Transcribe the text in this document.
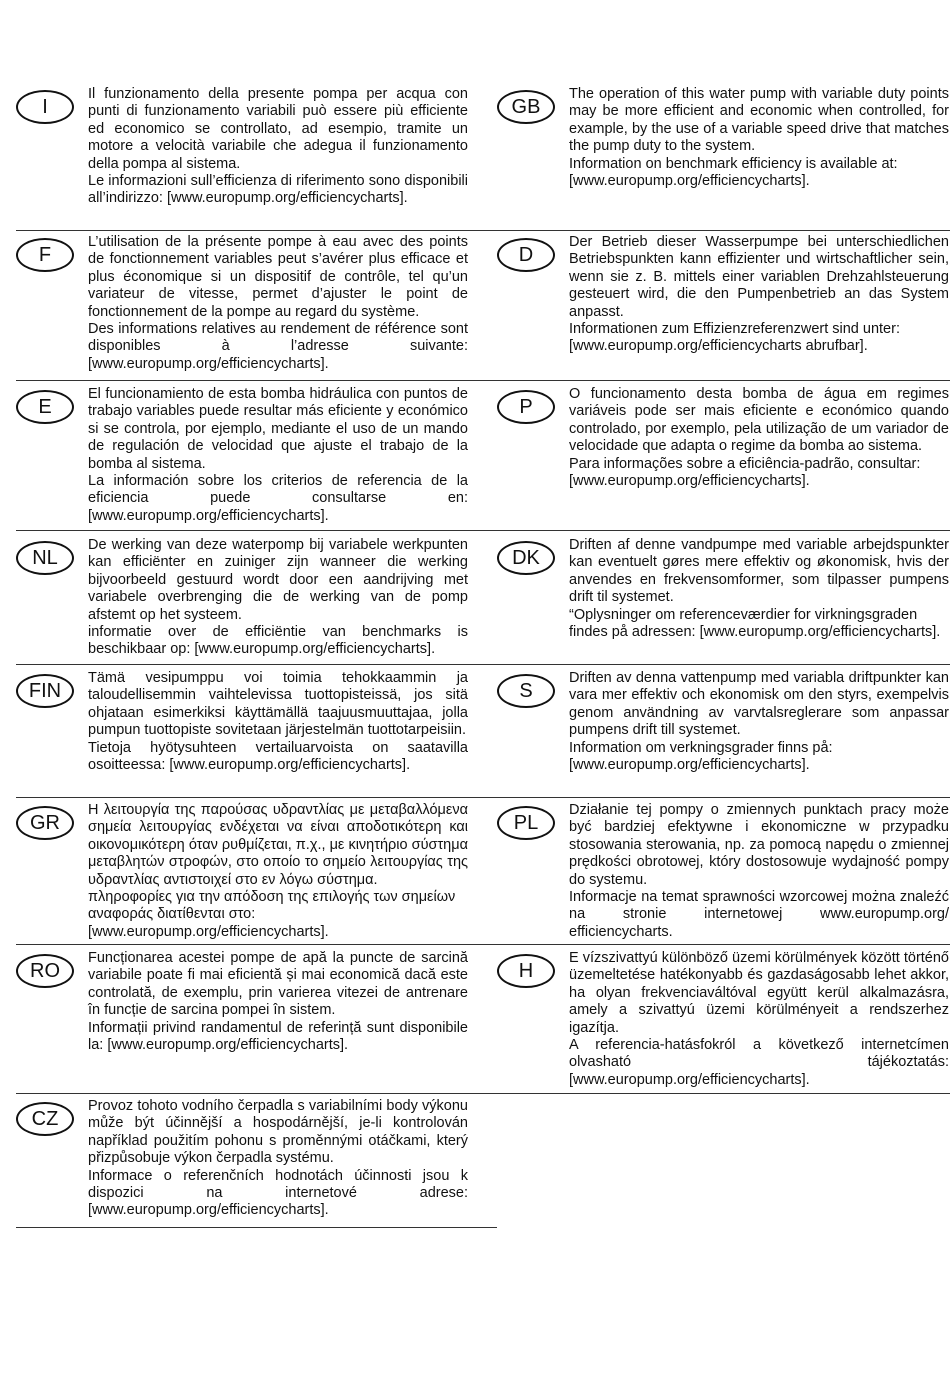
I

Il funzionamento della presente pompa per acqua con punti di funzionamento variabili può essere più efficiente ed economico se controllato, ad esempio, tramite un motore a velocità variabile che adegua il funzionamento della pompa al sistema.

Le informazioni sull’efficienza di riferimento sono disponibili all’indirizzo: [www.europump.org/efficiencycharts].

GB

The operation of this water pump with variable duty points may be more efficient and economic when controlled, for example, by the use of a variable speed drive that matches the pump duty to the system.

Information on benchmark efficiency is available at: [www.europump.org/efficiencycharts].

F

L’utilisation de la présente pompe à eau avec des points de fonctionnement variables peut s’avérer plus efficace et plus économique si un dispositif de contrôle, tel qu’un variateur de vitesse, permet d’ajuster le point de fonctionnement de la pompe au regard du système.

Des informations relatives au rendement de référence sont disponibles à l’adresse suivante: [www.europump.org/efficiencycharts].

D

Der Betrieb dieser Wasserpumpe bei unterschiedlichen Betriebspunkten kann effizienter und wirtschaftlicher sein, wenn sie z. B. mittels einer variablen Drehzahlsteuerung gesteuert wird, die den Pumpenbetrieb an das System anpasst.

Informationen zum Effizienzreferenzwert sind unter: [www.europump.org/efficiencycharts abrufbar].

E

El funcionamiento de esta bomba hidráulica con puntos de trabajo variables puede resultar más eficiente y económico si se controla, por ejemplo, mediante el uso de un mando de regulación de velocidad que ajuste el trabajo de la bomba al sistema.

La información sobre los criterios de referencia de la eficiencia puede consultarse en: [www.europump.org/efficiencycharts].

P

O funcionamento desta bomba de água em regimes variáveis pode ser mais eficiente e económico quando controlado, por exemplo, pela utilização de um variador de velocidade que adapta o regime da bomba ao sistema.

Para informações sobre a eficiência-padrão, consultar: [www.europump.org/efficiencycharts].

NL

De werking van deze waterpomp bij variabele werkpunten kan efficiënter en zuiniger zijn wanneer die werking bijvoorbeeld gestuurd wordt door een aandrijving met variabele overbrenging die de werking van de pomp afstemt op het systeem.

informatie over de efficiëntie van benchmarks is beschikbaar op: [www.europump.org/efficiencycharts].

DK

Driften af denne vandpumpe med variable arbejdspunkter kan eventuelt gøres mere effektiv og økonomisk, hvis der anvendes en frekvensomformer, som tilpasser pumpens drift til systemet.

“Oplysninger om referenceværdier for virkningsgraden findes på adressen: [www.europump.org/efficiencycharts].

FIN

Tämä vesipumppu voi toimia tehokkaammin ja taloudellisemmin vaihtelevissa tuottopisteissä, jos sitä ohjataan esimerkiksi käyttämällä taajuusmuuttajaa, jolla pumpun tuottopiste sovitetaan järjestelmän tuottotarpeisiin.

Tietoja hyötysuhteen vertailuarvoista on saatavilla osoitteessa: [www.europump.org/efficiencycharts].

S

Driften av denna vattenpump med variabla driftpunkter kan vara mer effektiv och ekonomisk om den styrs, exempelvis genom användning av varvtalsreglerare som anpassar pumpens drift till systemet.

Information om verkningsgrader finns på: [www.europump.org/efficiencycharts].

GR

Η λειτουργία της παρούσας υδραντλίας με μεταβαλλόμενα σημεία λειτουργίας ενδέχεται να είναι αποδοτικότερη και οικονομικότερη όταν ρυθμίζεται, π.χ., με κινητήριο σύστημα μεταβλητών στροφών, στο οποίο το σημείο λειτουργίας της υδραντλίας αντιστοιχεί στο εν λόγω σύστημα.

πληροφορίες για την απόδοση της επιλογής των σημείων αναφοράς διατίθενται στο: [www.europump.org/efficiencycharts].

PL

Działanie tej pompy o zmiennych punktach pracy może być bardziej efektywne i ekonomiczne w przypadku stosowania sterowania, np. za pomocą napędu o zmiennej prędkości obrotowej, który dostosowuje wydajność pompy do systemu.

Informacje na temat sprawności wzorcowej można znaleźć na stronie internetowej www.europump.org/ efficiencycharts.

RO

Funcționarea acestei pompe de apă la puncte de sarcină variabile poate fi mai eficientă și mai economică dacă este controlată, de exemplu, prin varierea vitezei de antrenare în funcție de sarcina pompei în sistem.

Informații privind randamentul de referință sunt disponibile la: [www.europump.org/efficiencycharts].

H

E vízszivattyú különböző üzemi körülmények között történő üzemeltetése hatékonyabb és gazdaságosabb lehet akkor, ha olyan frekvenciaváltóval együtt kerül alkalmazásra, amely a szivattyú üzemi körülményeit a rendszerhez igazítja.

A referencia-hatásfokról a következő internetcímen olvasható tájékoztatás: [www.europump.org/efficiencycharts].

CZ

Provoz tohoto vodního čerpadla s variabilními body výkonu může být účinnější a hospodárnější, je-li kontrolován například použitím pohonu s proměnnými otáčkami, který přizpůsobuje výkon čerpadla systému.

Informace o referenčních hodnotách účinnosti jsou k dispozici na internetové adrese: [www.europump.org/efficiencycharts].
